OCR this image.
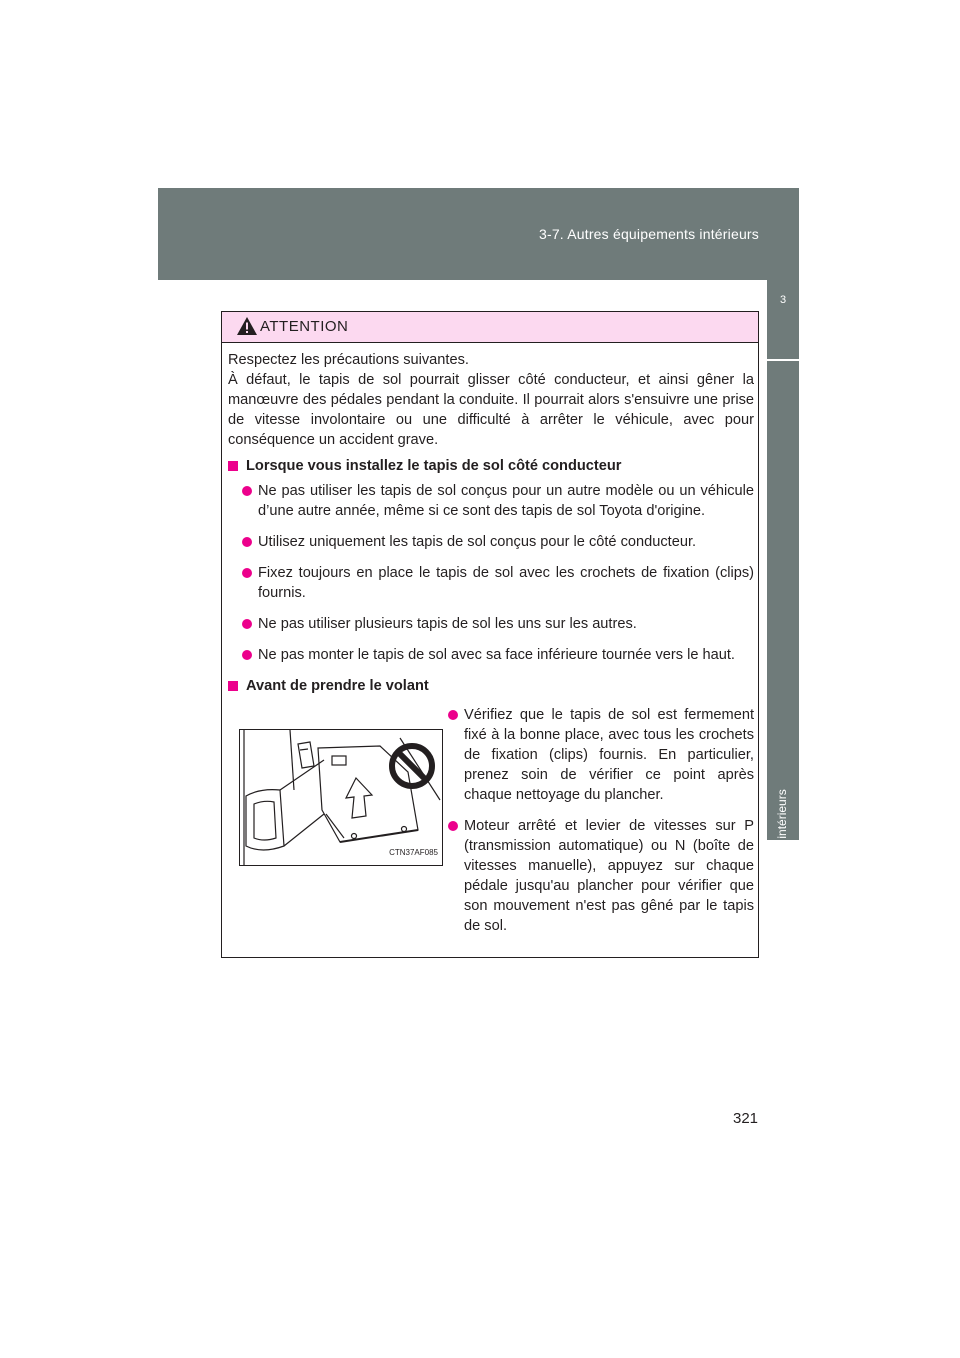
3-7. Autres équipements intérieurs
3
Équipements intérieurs
ATTENTION

Respectez les précautions suivantes.

À défaut, le tapis de sol pourrait glisser côté conducteur, et ainsi gêner la manœuvre des pédales pendant la conduite. Il pourrait alors s'ensuivre une prise de vitesse involontaire ou une difficulté à arrêter le véhicule, avec pour conséquence un accident grave.

Lorsque vous installez le tapis de sol côté conducteur
Ne pas utiliser les tapis de sol conçus pour un autre modèle ou un véhicule d’une autre année, même si ce sont des tapis de sol Toyota d'origine.
Utilisez uniquement les tapis de sol conçus pour le côté conducteur.
Fixez toujours en place le tapis de sol avec les crochets de fixation (clips) fournis.
Ne pas utiliser plusieurs tapis de sol les uns sur les autres.
Ne pas monter le tapis de sol avec sa face inférieure tournée vers le haut.
Avant de prendre le volant
CTN37AF085
Vérifiez que le tapis de sol est fermement fixé à la bonne place, avec tous les crochets de fixation (clips) fournis. En particulier, prenez soin de vérifier ce point après chaque nettoyage du plancher.
Moteur arrêté et levier de vitesses sur P (transmission automatique) ou N (boîte de vitesses manuelle), appuyez sur chaque pédale jusqu'au plancher pour vérifier que son mouvement n'est pas gêné par le tapis de sol.
321
